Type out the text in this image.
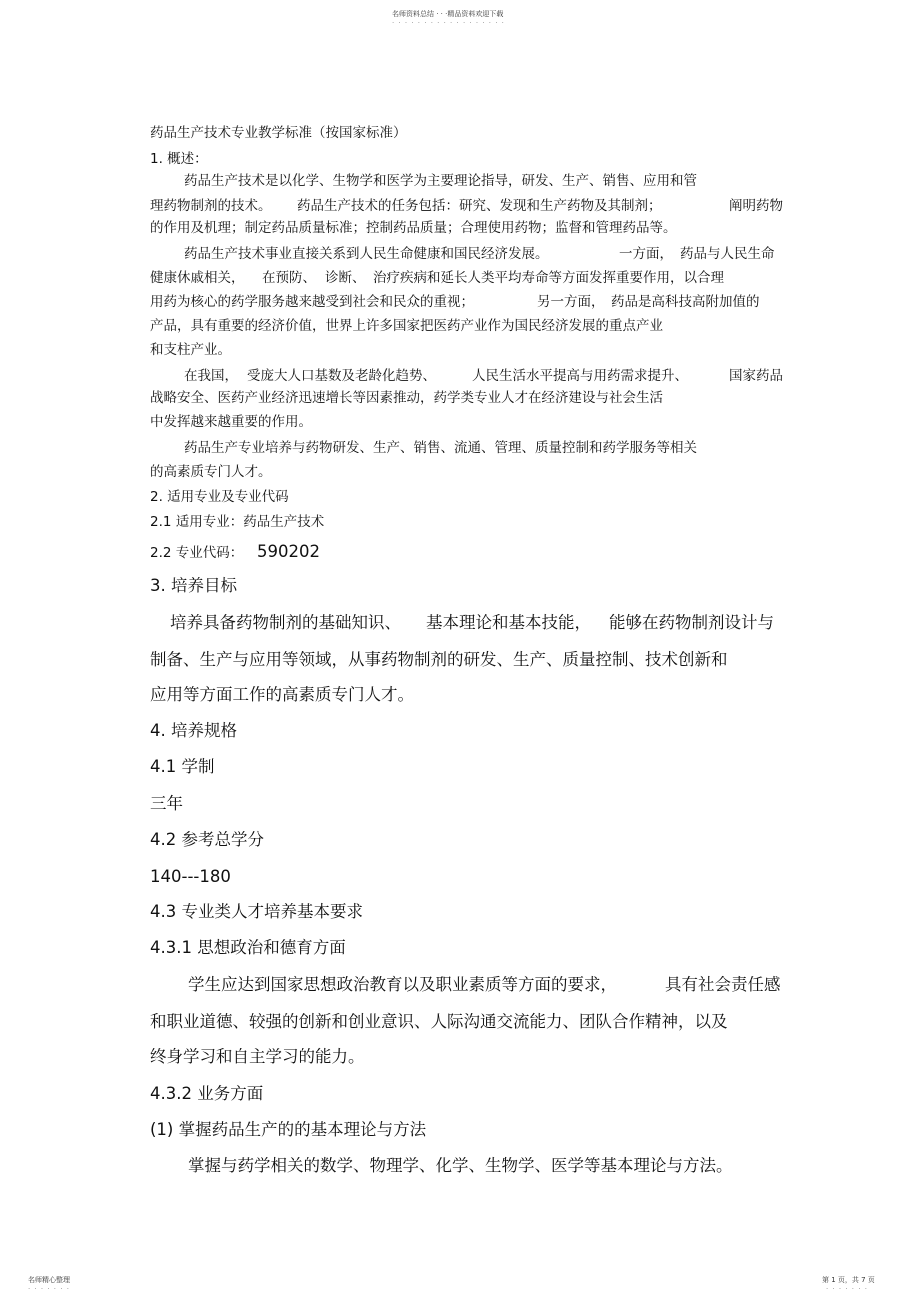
名师资料总结 · · ·精品资料欢迎下载
· · · · · · · · · · · · · · · · · ·
药品生产技术专业教学标准（按国家标准）
1. 概述：
药品生产技术是以化学、生物学和医学为主要理论指导，研发、生产、销售、应用和管
理药物制剂的技术。 药品生产技术的任务包括：研究、发现和生产药物及其制剂；	阐明药物
的作用及机理；制定药品质量标准；控制药品质量；合理使用药物；监督和管理药品等。
药品生产技术事业直接关系到人民生命健康和国民经济发展。	一方面， 药品与人民生命
健康休戚相关， 在预防、 诊断、 治疗疾病和延长人类平均寿命等方面发挥重要作用，以合理
用药为核心的药学服务越来越受到社会和民众的重视；	另一方面， 药品是高科技高附加值的
产品，具有重要的经济价值，世界上许多国家把医药产业作为国民经济发展的重点产业
和支柱产业。
在我国， 受庞大人口基数及老龄化趋势、	人民生活水平提高与用药需求提升、	国家药品
战略安全、医药产业经济迅速增长等因素推动，药学类专业人才在经济建设与社会生活
中发挥越来越重要的作用。
药品生产专业培养与药物研发、生产、销售、流通、管理、质量控制和药学服务等相关
的高素质专门人才。
2. 适用专业及专业代码
2.1 适用专业：药品生产技术
2.2 专业代码： 590202
3. 培养目标
培养具备药物制剂的基础知识、 基本理论和基本技能， 能够在药物制剂设计与
制备、生产与应用等领域，从事药物制剂的研发、生产、质量控制、技术创新和
应用等方面工作的高素质专门人才。
4. 培养规格
4.1 学制
三年
4.2 参考总学分
140---180
4.3 专业类人才培养基本要求
4.3.1 思想政治和德育方面
学生应达到国家思想政治教育以及职业素质等方面的要求，	具有社会责任感
和职业道德、较强的创新和创业意识、人际沟通交流能力、团队合作精神，以及
终身学习和自主学习的能力。
4.3.2 业务方面
(1) 掌握药品生产的的基本理论与方法
掌握与药学相关的数学、物理学、化学、生物学、医学等基本理论与方法。
名师精心整理
· · · · · · ·
第 1 页，共 7 页
· · · · · · ·
